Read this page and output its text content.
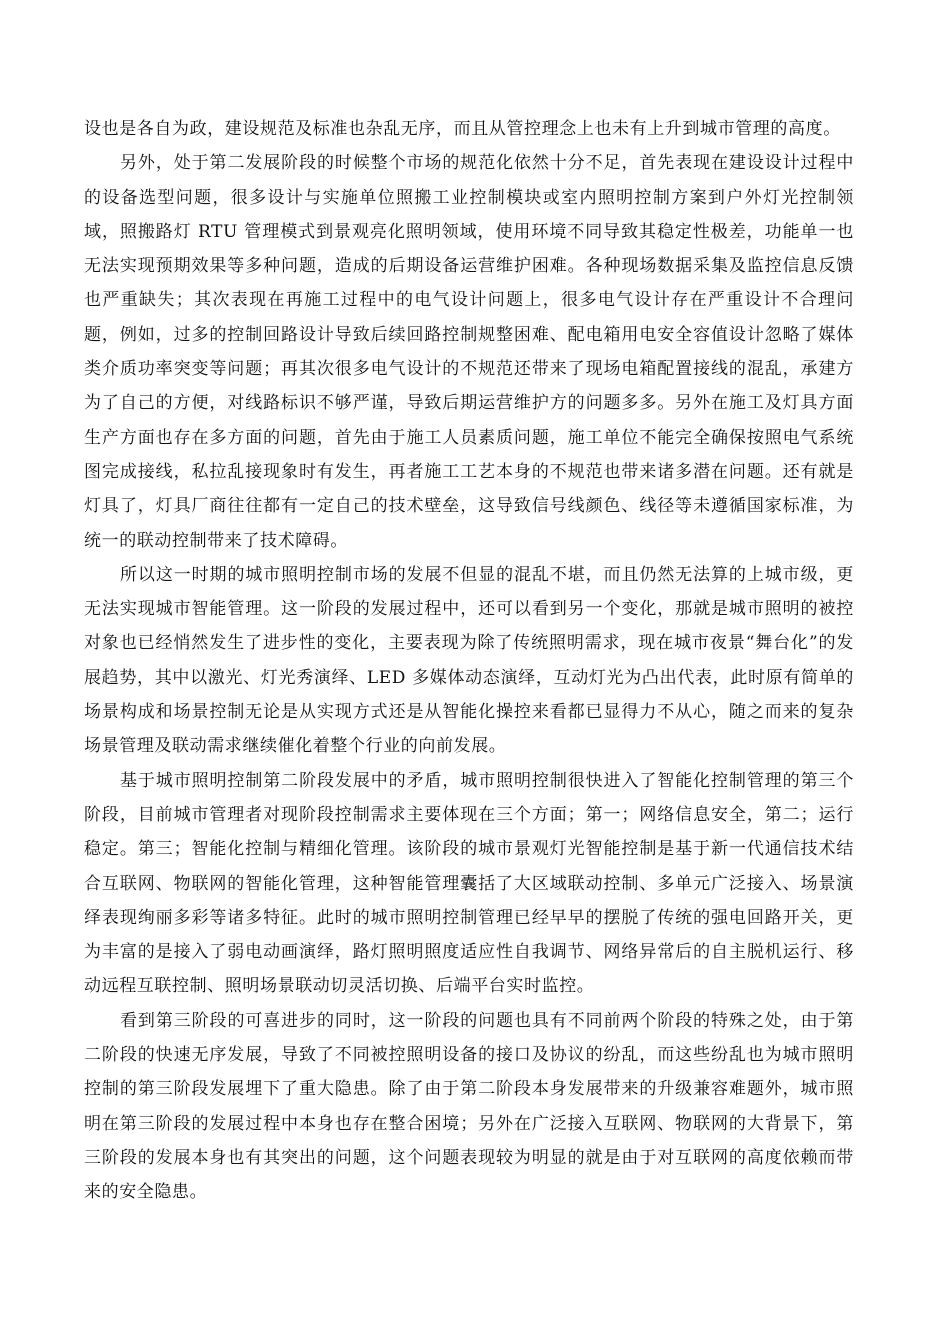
设也是各自为政，建设规范及标准也杂乱无序，而且从管控理念上也未有上升到城市管理的高度。

另外，处于第二发展阶段的时候整个市场的规范化依然十分不足，首先表现在建设设计过程中的设备选型问题，很多设计与实施单位照搬工业控制模块或室内照明控制方案到户外灯光控制领域，照搬路灯 RTU 管理模式到景观亮化照明领域，使用环境不同导致其稳定性极差，功能单一也无法实现预期效果等多种问题，造成的后期设备运营维护困难。各种现场数据采集及监控信息反馈也严重缺失；其次表现在再施工过程中的电气设计问题上，很多电气设计存在严重设计不合理问题，例如，过多的控制回路设计导致后续回路控制规整困难、配电箱用电安全容值设计忽略了媒体类介质功率突变等问题；再其次很多电气设计的不规范还带来了现场电箱配置接线的混乱，承建方为了自己的方便，对线路标识不够严谨，导致后期运营维护方的问题多多。另外在施工及灯具方面生产方面也存在多方面的问题，首先由于施工人员素质问题，施工单位不能完全确保按照电气系统图完成接线，私拉乱接现象时有发生，再者施工工艺本身的不规范也带来诸多潜在问题。还有就是灯具了，灯具厂商往往都有一定自己的技术壁垒，这导致信号线颜色、线径等未遵循国家标准，为统一的联动控制带来了技术障碍。

所以这一时期的城市照明控制市场的发展不但显的混乱不堪，而且仍然无法算的上城市级，更无法实现城市智能管理。这一阶段的发展过程中，还可以看到另一个变化，那就是城市照明的被控对象也已经悄然发生了进步性的变化，主要表现为除了传统照明需求，现在城市夜景“舞台化”的发展趋势，其中以激光、灯光秀演绎、LED 多媒体动态演绎，互动灯光为凸出代表，此时原有简单的场景构成和场景控制无论是从实现方式还是从智能化操控来看都已显得力不从心，随之而来的复杂场景管理及联动需求继续催化着整个行业的向前发展。

基于城市照明控制第二阶段发展中的矛盾，城市照明控制很快进入了智能化控制管理的第三个阶段，目前城市管理者对现阶段控制需求主要体现在三个方面；第一；网络信息安全，第二；运行稳定。第三；智能化控制与精细化管理。该阶段的城市景观灯光智能控制是基于新一代通信技术结合互联网、物联网的智能化管理，这种智能管理囊括了大区域联动控制、多单元广泛接入、场景演绎表现绚丽多彩等诸多特征。此时的城市照明控制管理已经早早的摆脱了传统的强电回路开关，更为丰富的是接入了弱电动画演绎，路灯照明照度适应性自我调节、网络异常后的自主脱机运行、移动远程互联控制、照明场景联动切灵活切换、后端平台实时监控。

看到第三阶段的可喜进步的同时，这一阶段的问题也具有不同前两个阶段的特殊之处，由于第二阶段的快速无序发展，导致了不同被控照明设备的接口及协议的纷乱，而这些纷乱也为城市照明控制的第三阶段发展埋下了重大隐患。除了由于第二阶段本身发展带来的升级兼容难题外，城市照明在第三阶段的发展过程中本身也存在整合困境；另外在广泛接入互联网、物联网的大背景下，第三阶段的发展本身也有其突出的问题，这个问题表现较为明显的就是由于对互联网的高度依赖而带来的安全隐患。
